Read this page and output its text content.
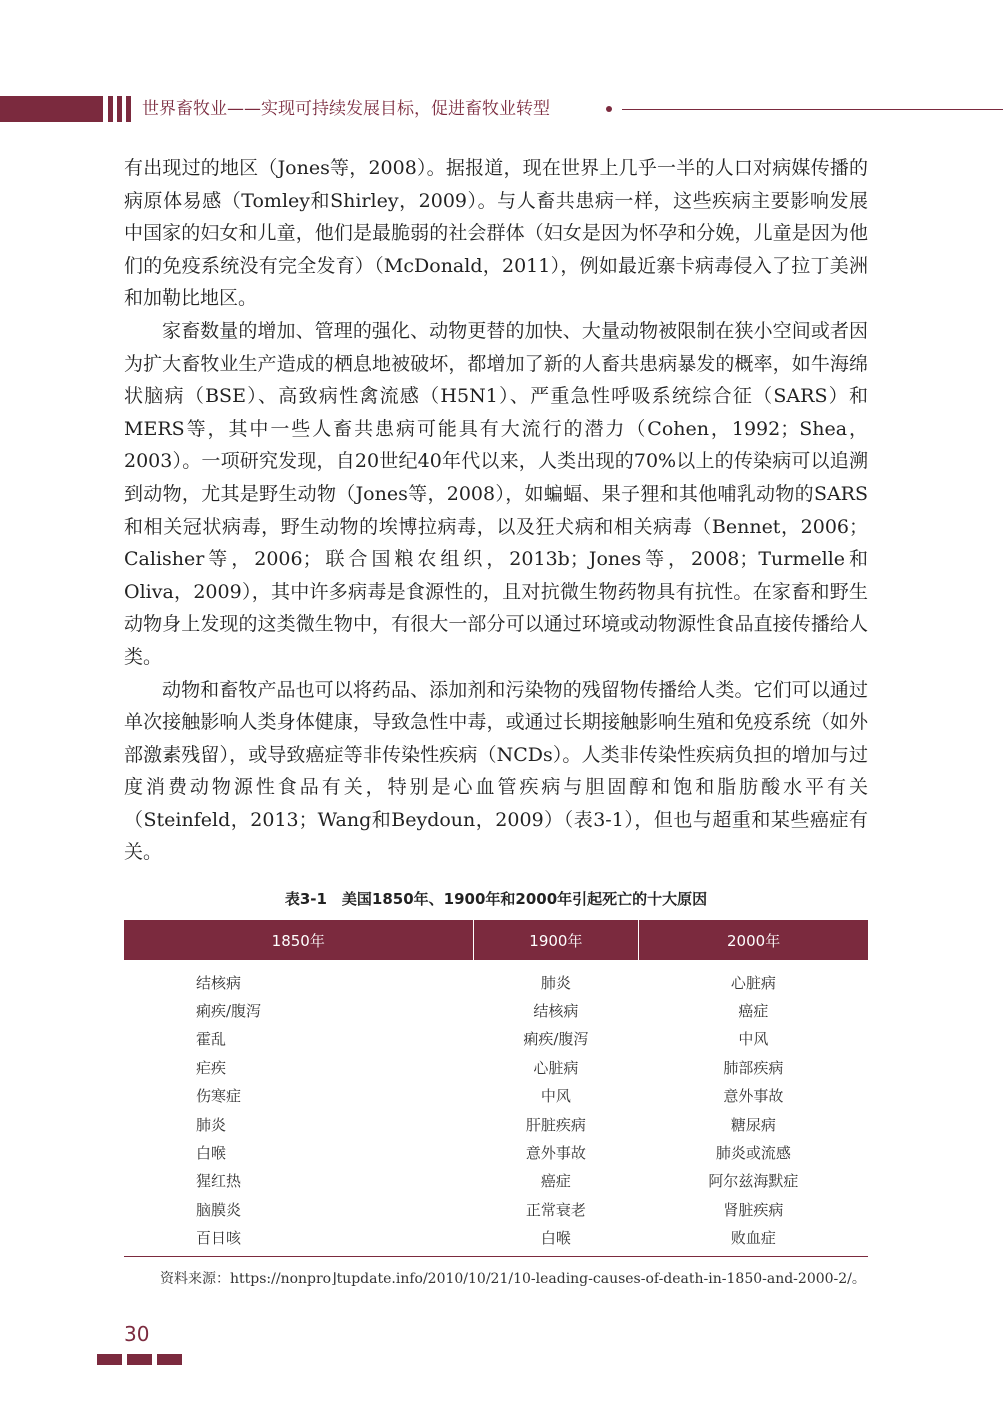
世界畜牧业——实现可持续发展目标，促进畜牧业转型

有出现过的地区（Jones等，2008）。据报道，现在世界上几乎一半的人口对病媒传播的病原体易感（Tomley和Shirley，2009）。与人畜共患病一样，这些疾病主要影响发展中国家的妇女和儿童，他们是最脆弱的社会群体（妇女是因为怀孕和分娩，儿童是因为他们的免疫系统没有完全发育）（McDonald，2011），例如最近寨卡病毒侵入了拉丁美洲和加勒比地区。

家畜数量的增加、管理的强化、动物更替的加快、大量动物被限制在狭小空间或者因为扩大畜牧业生产造成的栖息地被破坏，都增加了新的人畜共患病暴发的概率，如牛海绵状脑病（BSE）、高致病性禽流感（H5N1）、严重急性呼吸系统综合征（SARS）和MERS等，其中一些人畜共患病可能具有大流行的潜力（Cohen，1992；Shea，2003）。一项研究发现，自20世纪40年代以来，人类出现的70%以上的传染病可以追溯到动物，尤其是野生动物（Jones等，2008），如蝙蝠、果子狸和其他哺乳动物的SARS和相关冠状病毒，野生动物的埃博拉病毒，以及狂犬病和相关病毒（Bennet，2006；Calisher等，2006；联合国粮农组织，2013b；Jones等，2008；Turmelle和Oliva，2009），其中许多病毒是食源性的，且对抗微生物药物具有抗性。在家畜和野生动物身上发现的这类微生物中，有很大一部分可以通过环境或动物源性食品直接传播给人类。

动物和畜牧产品也可以将药品、添加剂和污染物的残留物传播给人类。它们可以通过单次接触影响人类身体健康，导致急性中毒，或通过长期接触影响生殖和免疫系统（如外部激素残留），或导致癌症等非传染性疾病（NCDs）。人类非传染性疾病负担的增加与过度消费动物源性食品有关，特别是心血管疾病与胆固醇和饱和脂肪酸水平有关（Steinfeld，2013；Wang和Beydoun，2009）（表3-1），但也与超重和某些癌症有关。

表3-1　美国1850年、1900年和2000年引起死亡的十大原因
1850年	1900年	2000年
结核病	肺炎	心脏病
痢疾/腹泻	结核病	癌症
霍乱	痢疾/腹泻	中风
疟疾	心脏病	肺部疾病
伤寒症	中风	意外事故
肺炎	肝脏疾病	糖尿病
白喉	意外事故	肺炎或流感
猩红热	癌症	阿尔兹海默症
脑膜炎	正常衰老	肾脏疾病
百日咳	白喉	败血症
资料来源：https://nonpro⌋tupdate.info/2010/10/21/10-leading-causes-of-death-in-1850-and-2000-2/。
30
